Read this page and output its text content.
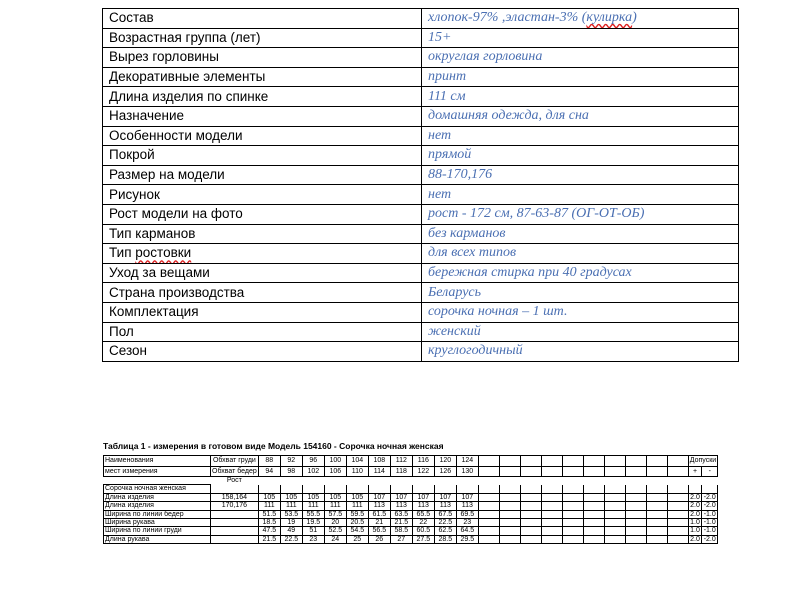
Состав	хлопок-97% ,эластан-3% (кулирка)
Возрастная группа (лет)	15+
Вырез горловины	округлая горловина
Декоративные элементы	принт
Длина изделия по спинке	111 см
Назначение	домашняя одежда, для сна
Особенности модели	нет
Покрой	прямой
Размер на модели	88-170,176
Рисунок	нет
Рост модели на фото	рост - 172 см, 87-63-87 (ОГ-ОТ-ОБ)
Тип карманов	без карманов
Тип ростовки	для всех типов
Уход за вещами	бережная стирка при 40 градусах
Страна производства	Беларусь
Комплектация	сорочка ночная – 1 шт.
Пол	женский
Сезон	круглогодичный
Таблица 1 - измерения в готовом виде Модель 154160 - Сорочка ночная женская
Наименования	Обхват груди	88	92	96	100	104	108	112	116	120	124											Допуски	
мест измерения	Обхват бедер	94	98	102	106	110	114	118	122	126	130											+	-
	Рост																						
Сорочка ночная женская																							
Длина изделия	158,164	105	105	105	105	105	107	107	107	107	107											2.0	-2.0
Длина изделия	170,176	111	111	111	111	111	113	113	113	113	113											2.0	-2.0
Ширина по линии бедер		51.5	53.5	55.5	57.5	59.5	61.5	63.5	65.5	67.5	69.5											2.0	-1.0
Ширина рукава		18.5	19	19.5	20	20.5	21	21.5	22	22.5	23											1.0	-1.0
Ширина по линии груди		47.5	49	51	52.5	54.5	56.5	58.5	60.5	62.5	64.5											1.0	-1.0
Длина рукава		21.5	22.5	23	24	25	26	27	27.5	28.5	29.5											2.0	-2.0
